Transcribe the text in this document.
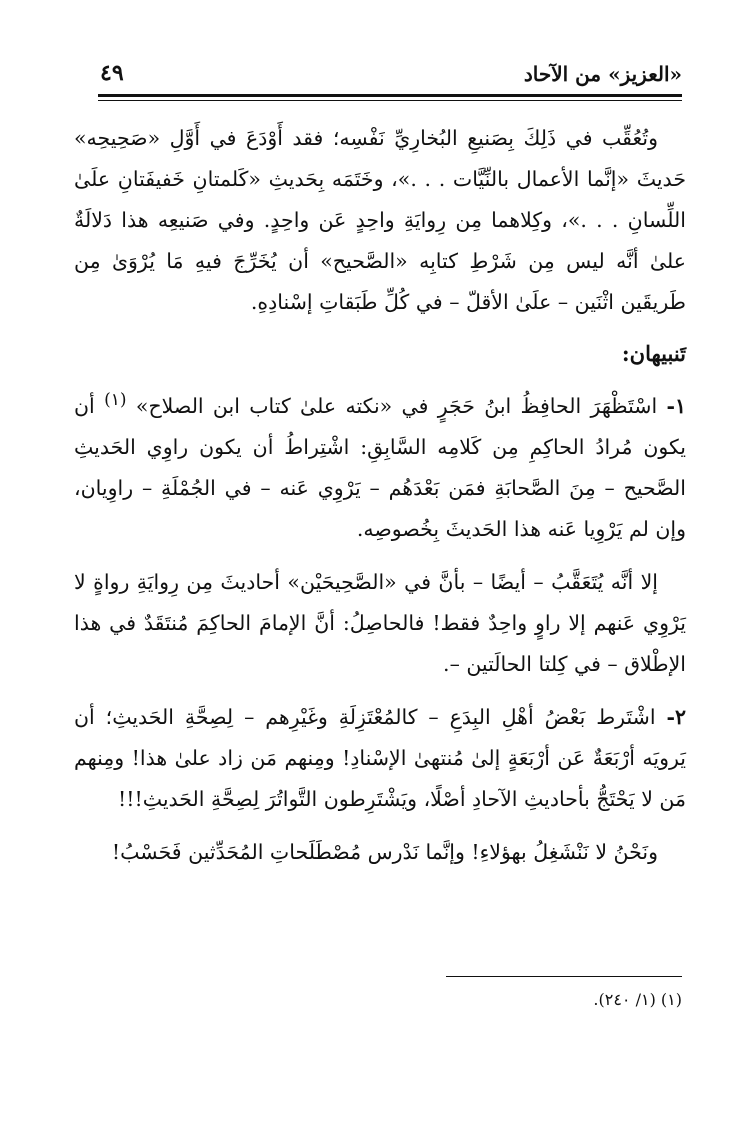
«العزيز» من الآحاد
٤٩

وتُعُقِّب في ذَلِكَ بِصَنيعِ البُخارِيِّ نَفْسِه؛ فقد أَوْدَعَ في أَوَّلِ «صَحِيحِه» حَديثَ «إنَّما الأعمال بالنِّيَّات . . .»، وخَتَمَه بِحَديثِ «كَلمتانِ خَفيفَتانِ علَىٰ اللِّسانِ . . .»، وكِلاهما مِن رِوايَةِ واحِدٍ عَن واحِدٍ. وفي صَنيعِه هذا دَلالَةٌ علىٰ أنَّه ليس مِن شَرْطِ كتابِه «الصَّحيح» أن يُخَرِّجَ فيهِ مَا يُرْوَىٰ مِن طَريقَين اثْنَين – علَىٰ الأقلّ – في كُلِّ طَبَقاتِ إسْنادِهِ.

تَنبيهان:

١- اسْتَظْهَرَ الحافِظُ ابنُ حَجَرٍ في «نكته علىٰ كتاب ابن الصلاح» $^{(١)}$ أن يكون مُرادُ الحاكِمِ مِن كَلامِه السَّابِقِ: اشْتِراطُ أن يكون راوِي الحَديثِ الصَّحيح – مِنَ الصَّحابَةِ فمَن بَعْدَهُم – يَرْوِي عَنه – في الجُمْلَةِ – راوِيان، وإن لم يَرْوِيا عَنه هذا الحَديثَ بِخُصوصِه.

إلا أنَّه يُتَعَقَّبُ – أيضًا – بأنَّ في «الصَّحِيحَيْن» أحاديثَ مِن رِوايَةِ رواةٍ لا يَرْوِي عَنهم إلا راوٍ واحِدٌ فقط! فالحاصِلُ: أنَّ الإمامَ الحاكِمَ مُنتَقَدٌ في هذا الإطْلاق – في كِلتا الحالَتين –.

٢- اشْتَرط بَعْضُ أهْلِ البِدَعِ – كالمُعْتَزِلَةِ وغَيْرِهم – لِصِحَّةِ الحَديثِ؛ أن يَرويَه أرْبَعَةٌ عَن أرْبَعَةٍ إلىٰ مُنتهىٰ الإسْنادِ! ومِنهم مَن زاد علىٰ هذا! ومِنهم مَن لا يَحْتَجُّ بأحاديثِ الآحادِ أصْلًا، ويَشْتَرِطون التَّواتُرَ لِصِحَّةِ الحَديثِ!!!

ونَحْنُ لا نَنْشَغِلُ بهؤلاءِ! وإنَّما نَدْرس مُصْطَلَحاتِ المُحَدِّثين فَحَسْبُ!

(١) (١/ ٢٤٠).
